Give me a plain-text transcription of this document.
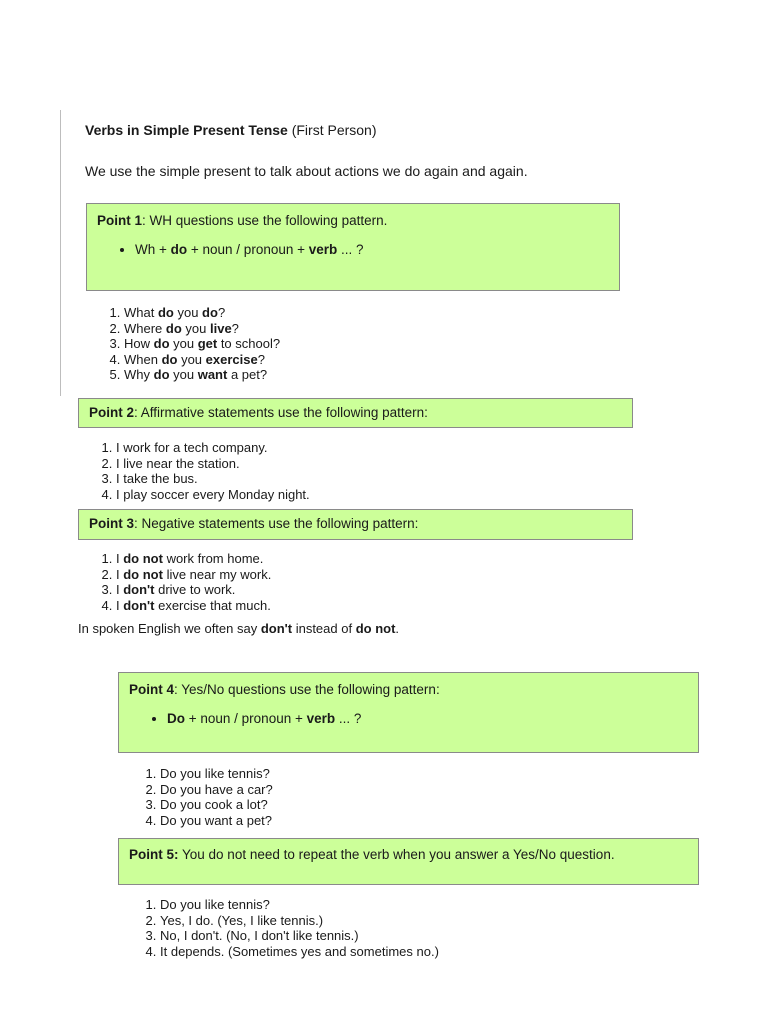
Verbs in Simple Present Tense (First Person)
We use the simple present to talk about actions we do again and again.
Point 1: WH questions use the following pattern.
• Wh + do + noun / pronoun + verb ... ?
1. What do you do?
2. Where do you live?
3. How do you get to school?
4. When do you exercise?
5. Why do you want a pet?
Point 2: Affirmative statements use the following pattern:
1. I work for a tech company.
2. I live near the station.
3. I take the bus.
4. I play soccer every Monday night.
Point 3: Negative statements use the following pattern:
1. I do not work from home.
2. I do not live near my work.
3. I don't drive to work.
4. I don't exercise that much.
In spoken English we often say don't instead of do not.
Point 4: Yes/No questions use the following pattern:
• Do + noun / pronoun + verb ... ?
1. Do you like tennis?
2. Do you have a car?
3. Do you cook a lot?
4. Do you want a pet?
Point 5: You do not need to repeat the verb when you answer a Yes/No question.
1. Do you like tennis?
2. Yes, I do. (Yes, I like tennis.)
3. No, I don't. (No, I don't like tennis.)
4. It depends. (Sometimes yes and sometimes no.)
